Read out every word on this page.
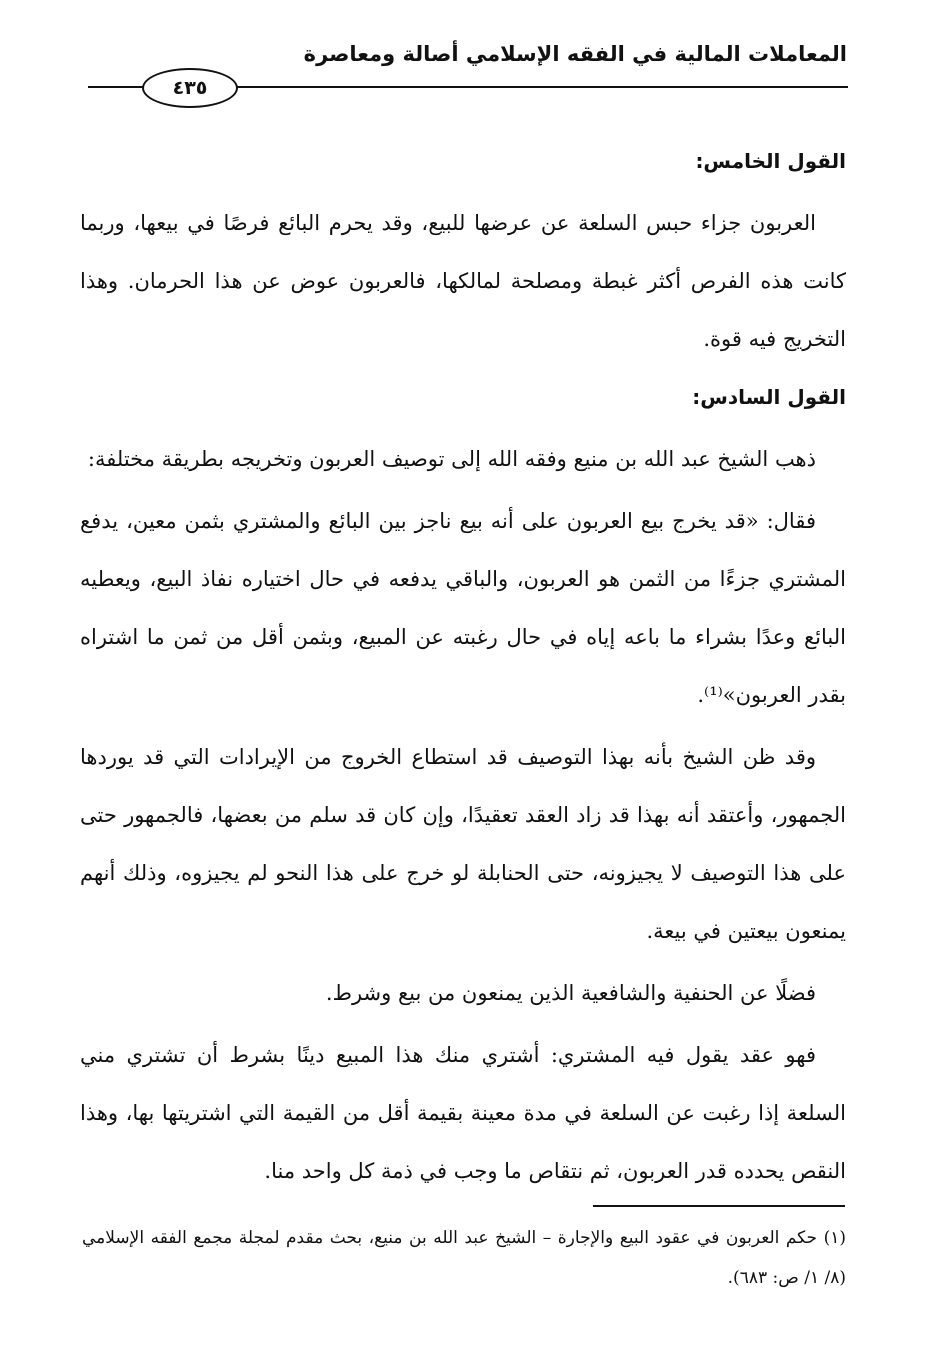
المعاملات المالية في الفقه الإسلامي أصالة ومعاصرة
٤٣٥

القول الخامس:

العربون جزاء حبس السلعة عن عرضها للبيع، وقد يحرم البائع فرصًا في بيعها، وربما كانت هذه الفرص أكثر غبطة ومصلحة لمالكها، فالعربون عوض عن هذا الحرمان. وهذا التخريج فيه قوة.

القول السادس:

ذهب الشيخ عبد الله بن منيع وفقه الله إلى توصيف العربون وتخريجه بطريقة مختلفة:

فقال: «قد يخرج بيع العربون على أنه بيع ناجز بين البائع والمشتري بثمن معين، يدفع المشتري جزءًا من الثمن هو العربون، والباقي يدفعه في حال اختياره نفاذ البيع، ويعطيه البائع وعدًا بشراء ما باعه إياه في حال رغبته عن المبيع، وبثمن أقل من ثمن ما اشتراه بقدر العربون»⁽¹⁾.

وقد ظن الشيخ بأنه بهذا التوصيف قد استطاع الخروج من الإيرادات التي قد يوردها الجمهور، وأعتقد أنه بهذا قد زاد العقد تعقيدًا، وإن كان قد سلم من بعضها، فالجمهور حتى على هذا التوصيف لا يجيزونه، حتى الحنابلة لو خرج على هذا النحو لم يجيزوه، وذلك أنهم يمنعون بيعتين في بيعة.

فضلًا عن الحنفية والشافعية الذين يمنعون من بيع وشرط.

فهو عقد يقول فيه المشتري: أشتري منك هذا المبيع دينًا بشرط أن تشتري مني السلعة إذا رغبت عن السلعة في مدة معينة بقيمة أقل من القيمة التي اشتريتها بها، وهذا النقص يحدده قدر العربون، ثم نتقاص ما وجب في ذمة كل واحد منا.

(١) حكم العربون في عقود البيع والإجارة – الشيخ عبد الله بن منيع، بحث مقدم لمجلة مجمع الفقه الإسلامي (٨/ ١/ ص: ٦٨٣).
